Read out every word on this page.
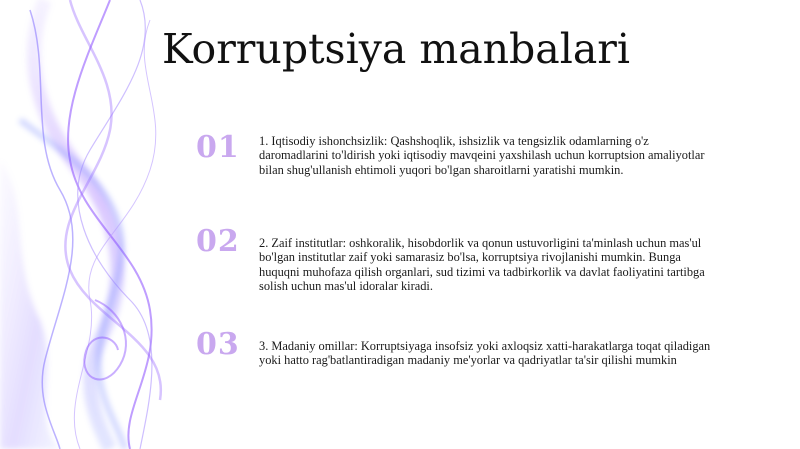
Korruptsiya manbalari
01	1. Iqtisodiy ishonchsizlik: Qashshoqlik, ishsizlik va tengsizlik odamlarning o'z daromadlarini to'ldirish yoki iqtisodiy mavqeini yaxshilash uchun korruptsion amaliyotlar bilan shug'ullanish ehtimoli yuqori bo'lgan sharoitlarni yaratishi mumkin.
02	2. Zaif institutlar: oshkoralik, hisobdorlik va qonun ustuvorligini ta'minlash uchun mas'ul bo'lgan institutlar zaif yoki samarasiz bo'lsa, korruptsiya rivojlanishi mumkin. Bunga huquqni muhofaza qilish organlari, sud tizimi va tadbirkorlik va davlat faoliyatini tartibga solish uchun mas'ul idoralar kiradi.
03	3. Madaniy omillar: Korruptsiyaga insofsiz yoki axloqsiz xatti-harakatlarga toqat qiladigan yoki hatto rag'batlantiradigan madaniy me'yorlar va qadriyatlar ta'sir qilishi mumkin
